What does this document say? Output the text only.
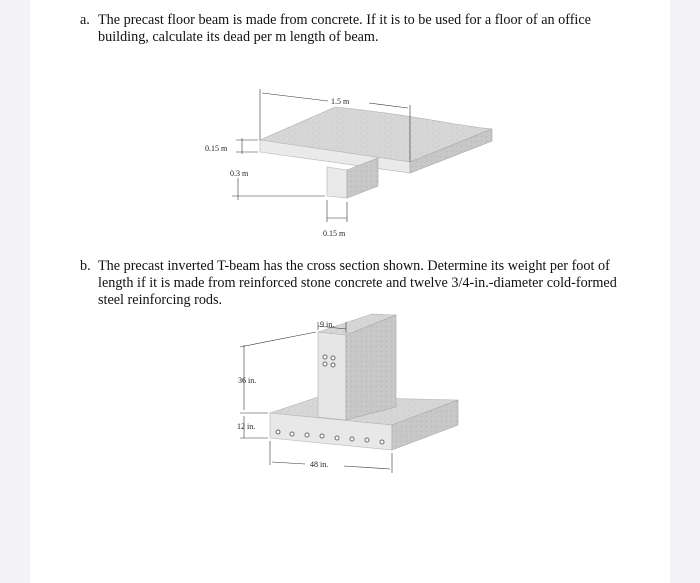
a. The precast floor beam is made from concrete. If it is to be used for a floor of an office building, calculate its dead per m length of beam.
b. The precast inverted T-beam has the cross section shown. Determine its weight per foot of length if it is made from reinforced stone concrete and twelve 3/4-in.-diameter cold-formed steel reinforcing rods.
1.5 m
0.15 m
0.3 m
0.15 m
9 in.
36 in.
12 in.
48 in.
